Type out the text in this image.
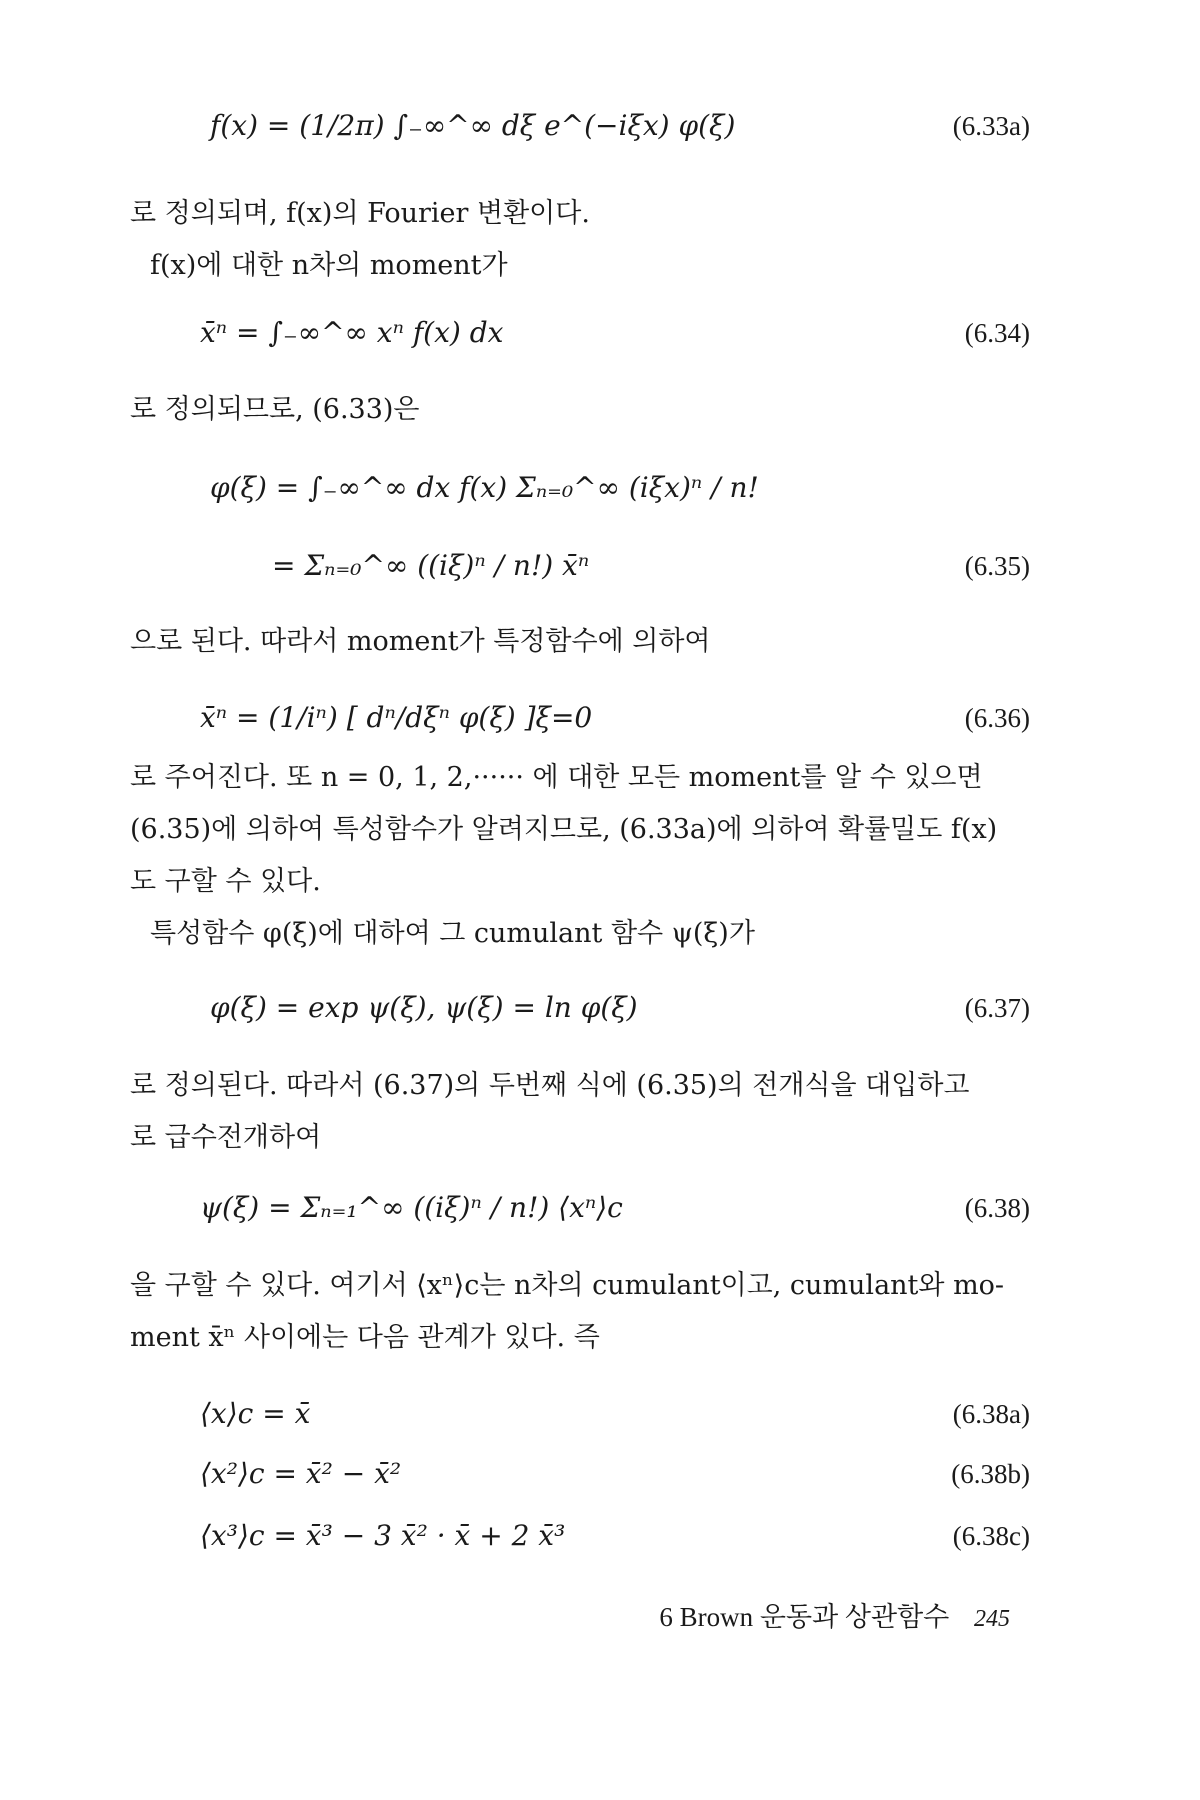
f(x) = (1/2π) ∫₋∞^∞ dξ e^(−iξx) φ(ξ)	(6.33a)
로 정의되며, f(x)의 Fourier 변환이다.
f(x)에 대한 n차의 moment가
x̄ⁿ = ∫₋∞^∞ xⁿ f(x) dx	(6.34)
로 정의되므로, (6.33)은
φ(ξ) = ∫₋∞^∞ dx f(x) Σₙ₌₀^∞ (iξx)ⁿ / n!
= Σₙ₌₀^∞ ((iξ)ⁿ / n!) x̄ⁿ	(6.35)
으로 된다. 따라서 moment가 특정함수에 의하여
x̄ⁿ = (1/iⁿ) [ dⁿ/dξⁿ φ(ξ) ]ξ=0	(6.36)
로 주어진다. 또 n = 0, 1, 2,······ 에 대한 모든 moment를 알 수 있으면
(6.35)에 의하여 특성함수가 알려지므로, (6.33a)에 의하여 확률밀도 f(x)
도 구할 수 있다.
특성함수 φ(ξ)에 대하여 그 cumulant 함수 ψ(ξ)가
φ(ξ) = exp ψ(ξ), ψ(ξ) = ln φ(ξ)	(6.37)
로 정의된다. 따라서 (6.37)의 두번째 식에 (6.35)의 전개식을 대입하고
로 급수전개하여
ψ(ξ) = Σₙ₌₁^∞ ((iξ)ⁿ / n!) ⟨xⁿ⟩c	(6.38)
을 구할 수 있다. 여기서 ⟨xⁿ⟩c는 n차의 cumulant이고, cumulant와 mo-
ment x̄ⁿ 사이에는 다음 관계가 있다. 즉
⟨x⟩c = x̄	(6.38a)
⟨x²⟩c = x̄² − x̄²	(6.38b)
⟨x³⟩c = x̄³ − 3 x̄² · x̄ + 2 x̄³	(6.38c)
6 Brown 운동과 상관함수 245
